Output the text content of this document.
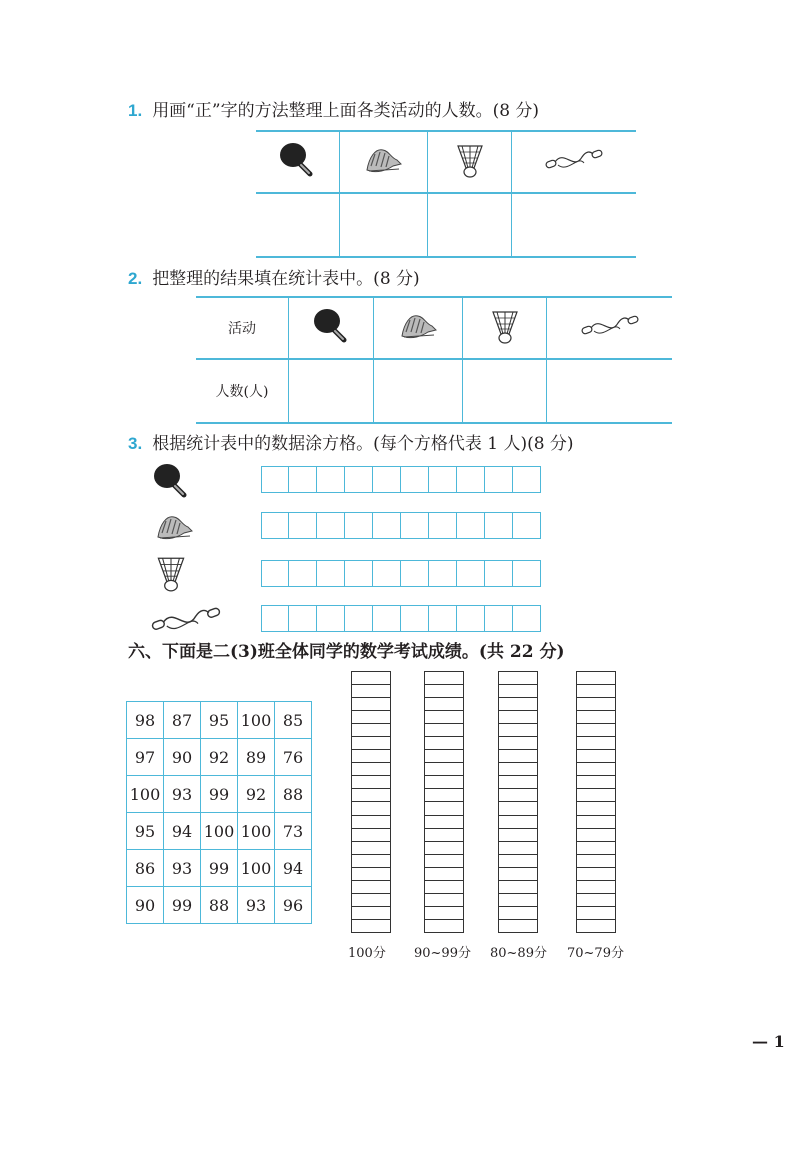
1. 用画“正”字的方法整理上面各类活动的人数。(8 分)

2. 把整理的结果填在统计表中。(8 分)
活动				
人数(人)				
3. 根据统计表中的数据涂方格。(每个方格代表 1 人)(8 分)
六、下面是二(3)班全体同学的数学考试成绩。(共 22 分)
98	87	95	100	85
97	90	92	89	76
100	93	99	92	88
95	94	100	100	73
86	93	99	100	94
90	99	88	93	96
100分 90~99分 80~89分 70~79分
— 1
